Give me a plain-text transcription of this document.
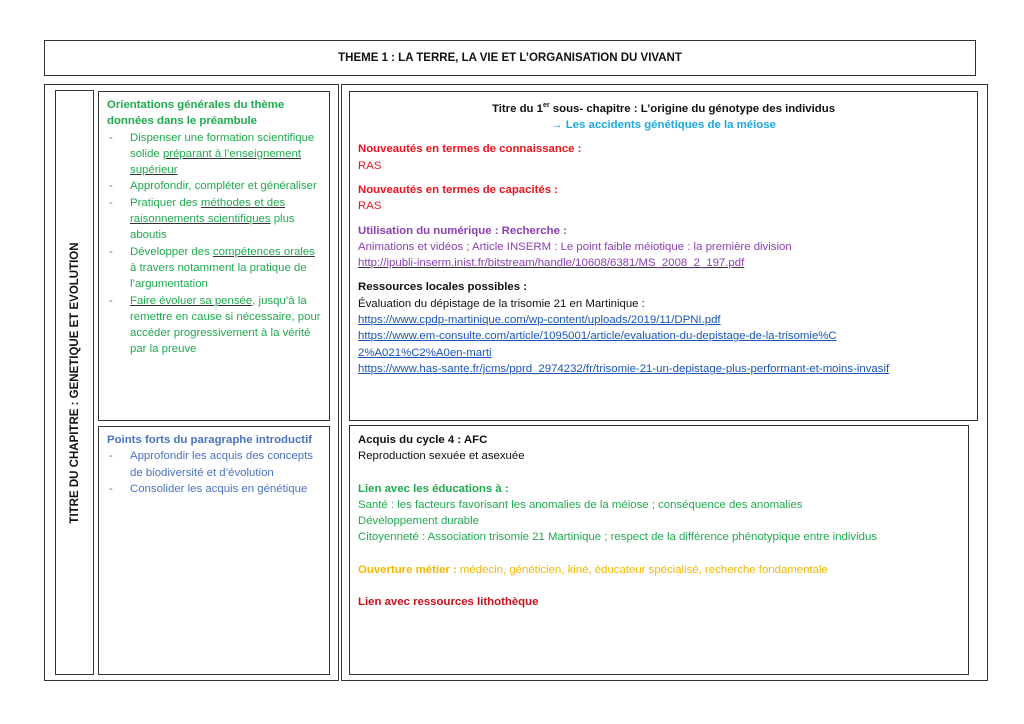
THEME 1 : LA TERRE, LA VIE ET L’ORGANISATION DU VIVANT
TITRE DU CHAPITRE : GENETIQUE ET EVOLUTION
Orientations générales du thème données dans le préambule
- Dispenser une formation scientifique solide préparant à l’enseignement supérieur
- Approfondir, compléter et généraliser
- Pratiquer des méthodes et des raisonnements scientifiques plus aboutis
- Développer des compétences orales à travers notamment la pratique de l’argumentation
- Faire évoluer sa pensée, jusqu’à la remettre en cause si nécessaire, pour accéder progressivement à la vérité par la preuve
Points forts du paragraphe introductif
- Approfondir les acquis des concepts de biodiversité et d’évolution
- Consolider les acquis en génétique
Titre du 1er sous- chapitre : L’origine du génotype des individus
→ Les accidents génétiques de la méiose
Nouveautés en termes de connaissance :
RAS
Nouveautés en termes de capacités :
RAS
Utilisation du numérique : Recherche :
Animations et vidéos ; Article INSERM : Le point faible méiotique : la première division
http://ipubli-inserm.inist.fr/bitstream/handle/10608/6381/MS_2008_2_197.pdf
Ressources locales possibles :
Évaluation du dépistage de la trisomie 21 en Martinique :
https://www.cpdp-martinique.com/wp-content/uploads/2019/11/DPNI.pdf
https://www.em-consulte.com/article/1095001/article/evaluation-du-depistage-de-la-trisomie%C2%A021%C2%A0en-marti
https://www.has-sante.fr/jcms/pprd_2974232/fr/trisomie-21-un-depistage-plus-performant-et-moins-invasif
Acquis du cycle 4 : AFC
Reproduction sexuée et asexuée
Lien avec les éducations à :
Santé : les facteurs favorisant les anomalies de la méiose ; conséquence des anomalies
Développement durable
Citoyenneté : Association trisomie 21 Martinique ; respect de la différence phénotypique entre individus
Ouverture métier : médecin, généticien, kiné, éducateur spécialisé, recherche fondamentale
Lien avec ressources lithothèque
